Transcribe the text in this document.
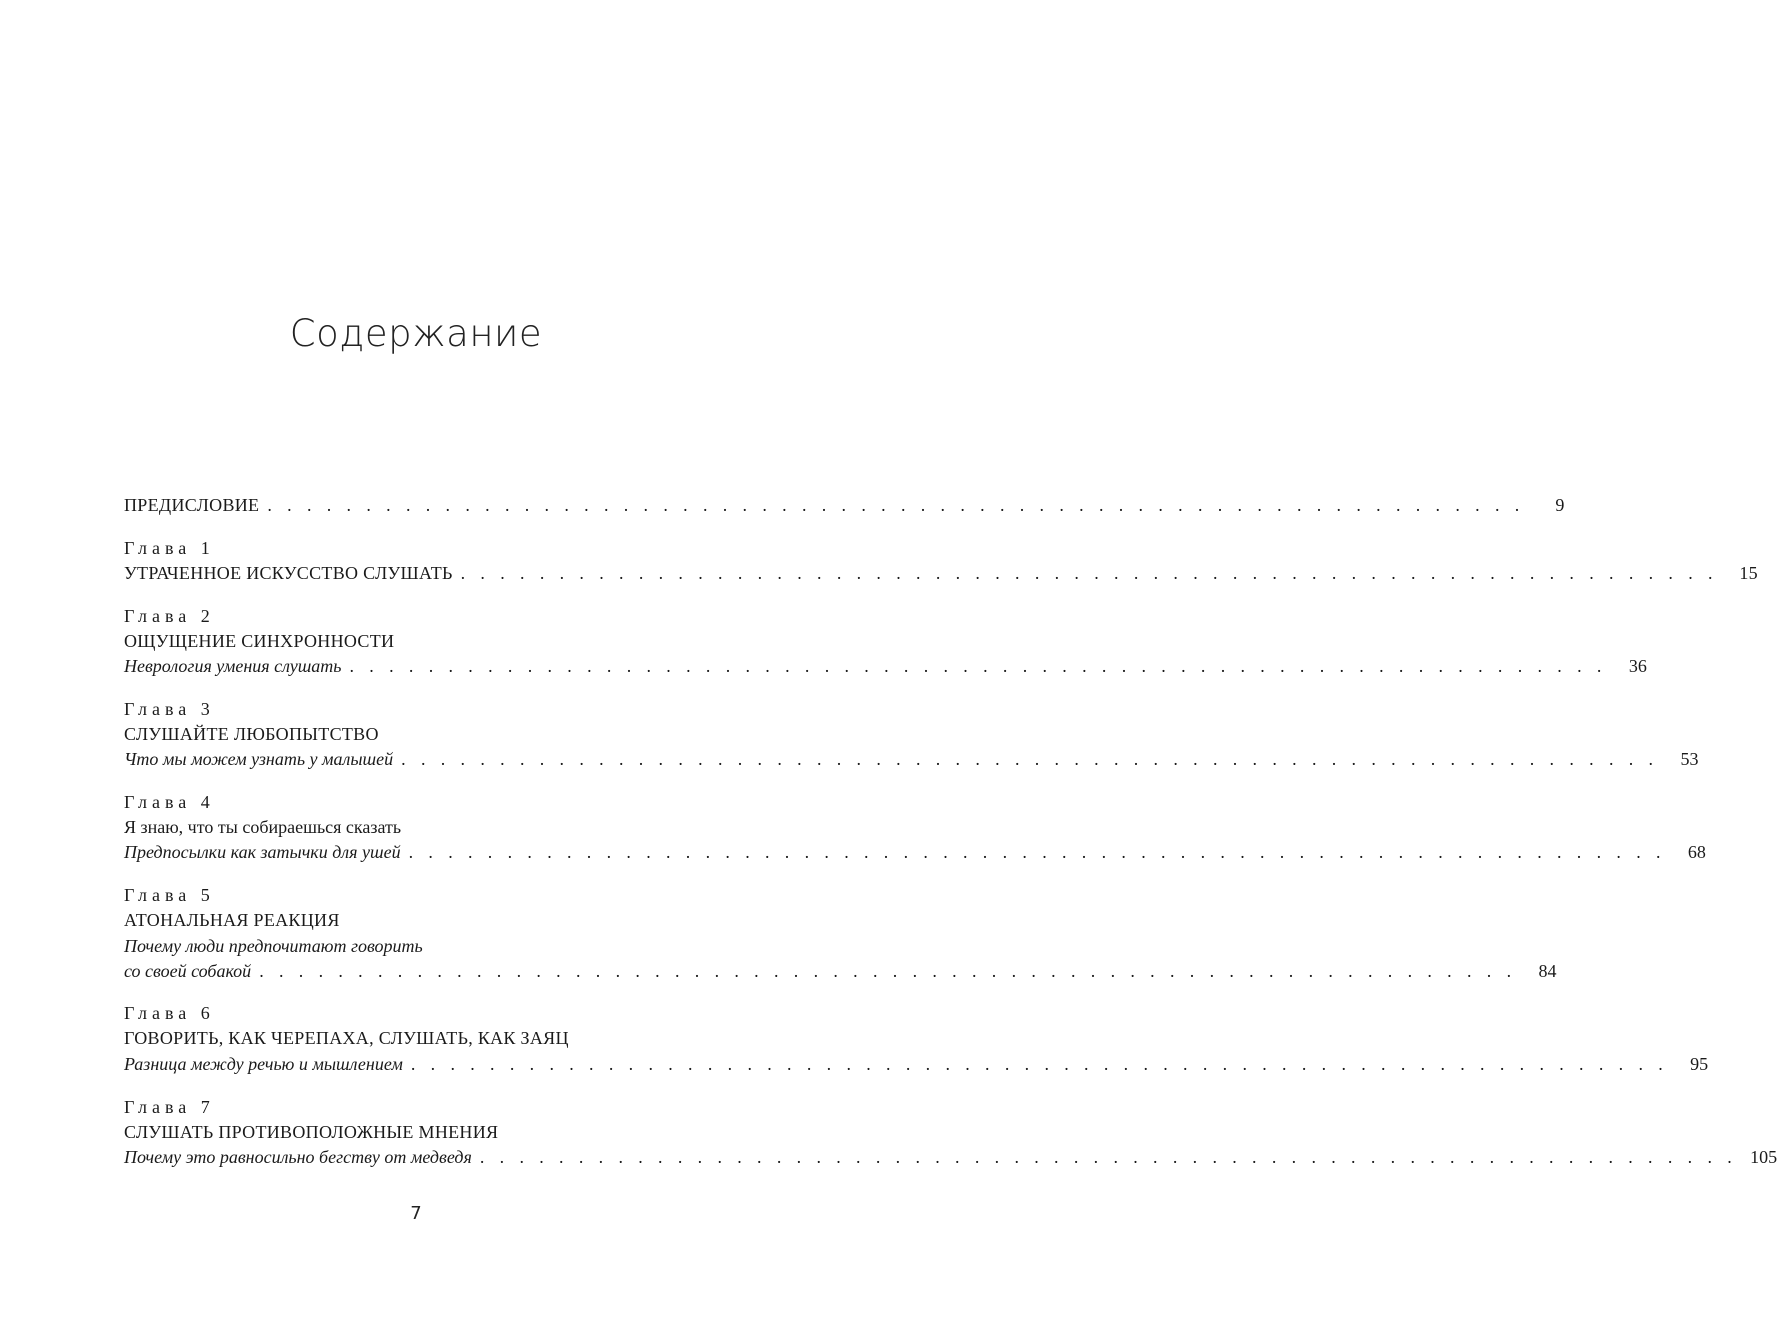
Содержание
ПРЕДИСЛОВИЕ . . . . . . . . . . . . . . . . . . . . . . . . . . . . . . . . . . . . . . . . . . . . . . . . . . . . . . . . . . . . . . . .	9
Глава 1
УТРАЧЕННОЕ ИСКУССТВО СЛУШАТЬ . . . . . . . . . . . . . . . . . . . . . . . . . . . . . . . . . . . . . . . . . . . . . . . . . . . . . . . . . . . . . . . .	15
Глава 2
ОЩУЩЕНИЕ СИНХРОННОСТИ
Неврология умения слушать . . . . . . . . . . . . . . . . . . . . . . . . . . . . . . . . . . . . . . . . . . . . . . . . . . . . . . . . . . . . . . . .	36
Глава 3
СЛУШАЙТЕ ЛЮБОПЫТСТВО
Что мы можем узнать у малышей . . . . . . . . . . . . . . . . . . . . . . . . . . . . . . . . . . . . . . . . . . . . . . . . . . . . . . . . . . . . . . . .	53
Глава 4
Я знаю, что ты собираешься сказать
Предпосылки как затычки для ушей . . . . . . . . . . . . . . . . . . . . . . . . . . . . . . . . . . . . . . . . . . . . . . . . . . . . . . . . . . . . . . . .	68
Глава 5
АТОНАЛЬНАЯ РЕАКЦИЯ
Почему люди предпочитают говорить
со своей собакой . . . . . . . . . . . . . . . . . . . . . . . . . . . . . . . . . . . . . . . . . . . . . . . . . . . . . . . . . . . . . . . .	84
Глава 6
ГОВОРИТЬ, КАК ЧЕРЕПАХА, СЛУШАТЬ, КАК ЗАЯЦ
Разница между речью и мышлением . . . . . . . . . . . . . . . . . . . . . . . . . . . . . . . . . . . . . . . . . . . . . . . . . . . . . . . . . . . . . . . .	95
Глава 7
СЛУШАТЬ ПРОТИВОПОЛОЖНЫЕ МНЕНИЯ
Почему это равносильно бегству от медведя . . . . . . . . . . . . . . . . . . . . . . . . . . . . . . . . . . . . . . . . . . . . . . . . . . . . . . . . . . . . . . . . 105
7
